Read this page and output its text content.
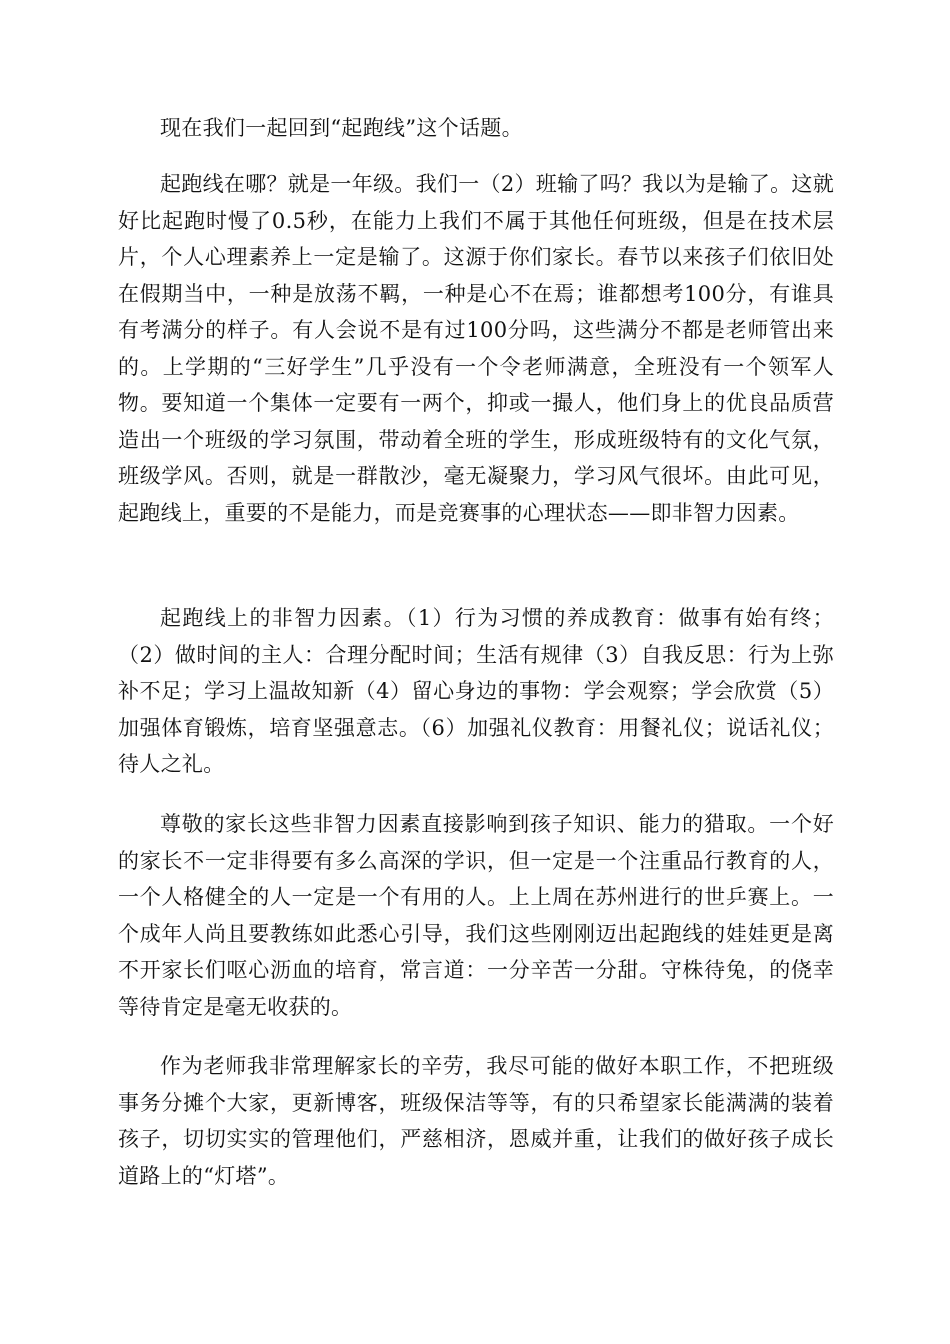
现在我们一起回到“起跑线”这个话题。

起跑线在哪？就是一年级。我们一（2）班输了吗？我以为是输了。这就好比起跑时慢了0.5秒，在能力上我们不属于其他任何班级，但是在技术层片，个人心理素养上一定是输了。这源于你们家长。春节以来孩子们依旧处在假期当中，一种是放荡不羁，一种是心不在焉；谁都想考100分，有谁具有考满分的样子。有人会说不是有过100分吗，这些满分不都是老师管出来的。上学期的“三好学生”几乎没有一个令老师满意，全班没有一个领军人物。要知道一个集体一定要有一两个，抑或一撮人，他们身上的优良品质营造出一个班级的学习氛围，带动着全班的学生，形成班级特有的文化气氛，班级学风。否则，就是一群散沙，毫无凝聚力，学习风气很坏。由此可见，起跑线上，重要的不是能力，而是竞赛事的心理状态——即非智力因素。

起跑线上的非智力因素。（1）行为习惯的养成教育：做事有始有终；（2）做时间的主人：合理分配时间；生活有规律（3）自我反思：行为上弥补不足；学习上温故知新（4）留心身边的事物：学会观察；学会欣赏（5）加强体育锻炼，培育坚强意志。（6）加强礼仪教育：用餐礼仪；说话礼仪；待人之礼。

尊敬的家长这些非智力因素直接影响到孩子知识、能力的猎取。一个好的家长不一定非得要有多么高深的学识，但一定是一个注重品行教育的人，一个人格健全的人一定是一个有用的人。上上周在苏州进行的世乒赛上。一个成年人尚且要教练如此悉心引导，我们这些刚刚迈出起跑线的娃娃更是离不开家长们呕心沥血的培育，常言道：一分辛苦一分甜。守株待兔，的侥幸等待肯定是毫无收获的。

作为老师我非常理解家长的辛劳，我尽可能的做好本职工作，不把班级事务分摊个大家，更新博客，班级保洁等等，有的只希望家长能满满的装着孩子，切切实实的管理他们，严慈相济，恩威并重，让我们的做好孩子成长道路上的“灯塔”。
